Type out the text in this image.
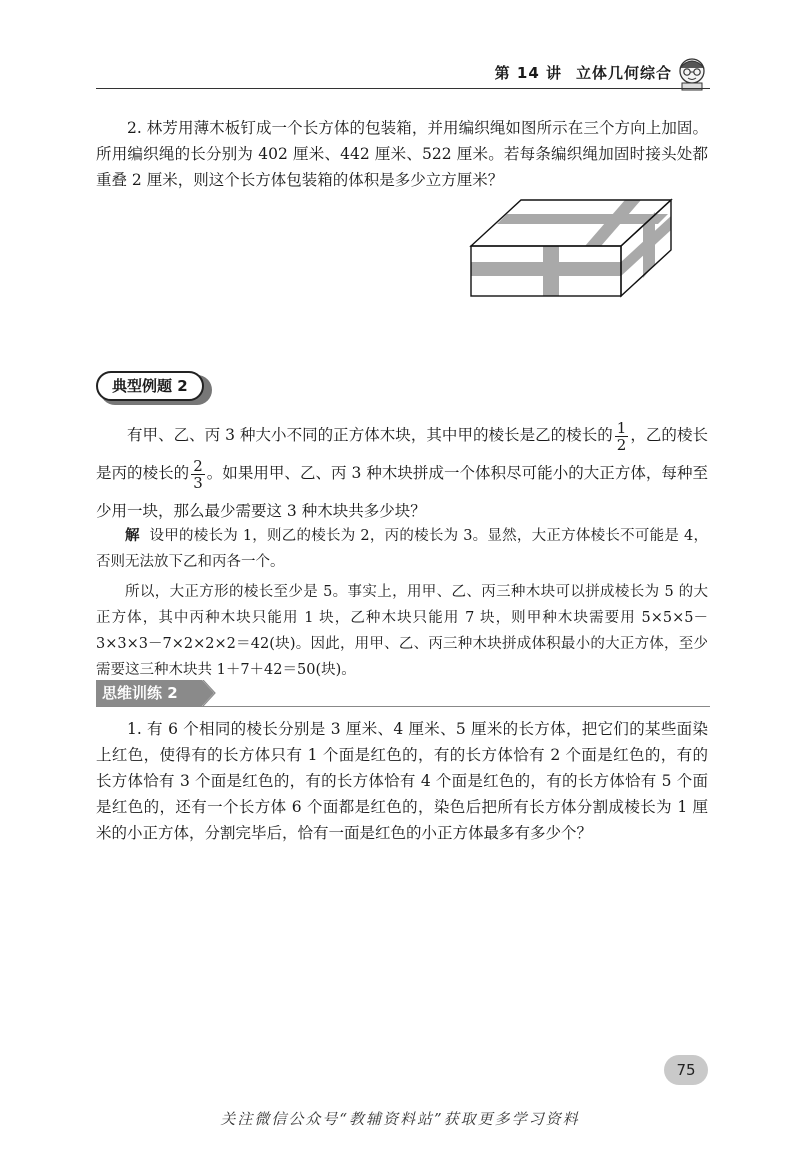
第 14 讲 立体几何综合

2. 林芳用薄木板钉成一个长方体的包装箱，并用编织绳如图所示在三个方向上加固。所用编织绳的长分别为 402 厘米、442 厘米、522 厘米。若每条编织绳加固时接头处都重叠 2 厘米，则这个长方体包装箱的体积是多少立方厘米？

典型例题 2

有甲、乙、丙 3 种大小不同的正方体木块，其中甲的棱长是乙的棱长的 $\frac{1}{2}$ ，乙的棱长是丙的棱长的 $\frac{2}{3}$ 。如果用甲、乙、丙 3 种木块拼成一个体积尽可能小的大正方体，每种至少用一块，那么最少需要这 3 种木块共多少块？

解 设甲的棱长为 1，则乙的棱长为 2，丙的棱长为 3。显然，大正方体棱长不可能是 4，否则无法放下乙和丙各一个。

所以，大正方形的棱长至少是 5。事实上，用甲、乙、丙三种木块可以拼成棱长为 5 的大正方体，其中丙种木块只能用 1 块，乙种木块只能用 7 块，则甲种木块需要用 5×5×5－3×3×3－7×2×2×2＝42(块)。因此，用甲、乙、丙三种木块拼成体积最小的大正方体，至少需要这三种木块共 1＋7＋42＝50(块)。

思维训练 2

1. 有 6 个相同的棱长分别是 3 厘米、4 厘米、5 厘米的长方体，把它们的某些面染上红色，使得有的长方体只有 1 个面是红色的，有的长方体恰有 2 个面是红色的，有的长方体恰有 3 个面是红色的，有的长方体恰有 4 个面是红色的，有的长方体恰有 5 个面是红色的，还有一个长方体 6 个面都是红色的，染色后把所有长方体分割成棱长为 1 厘米的小正方体，分割完毕后，恰有一面是红色的小正方体最多有多少个？

75
关注微信公众号“教辅资料站”获取更多学习资料
